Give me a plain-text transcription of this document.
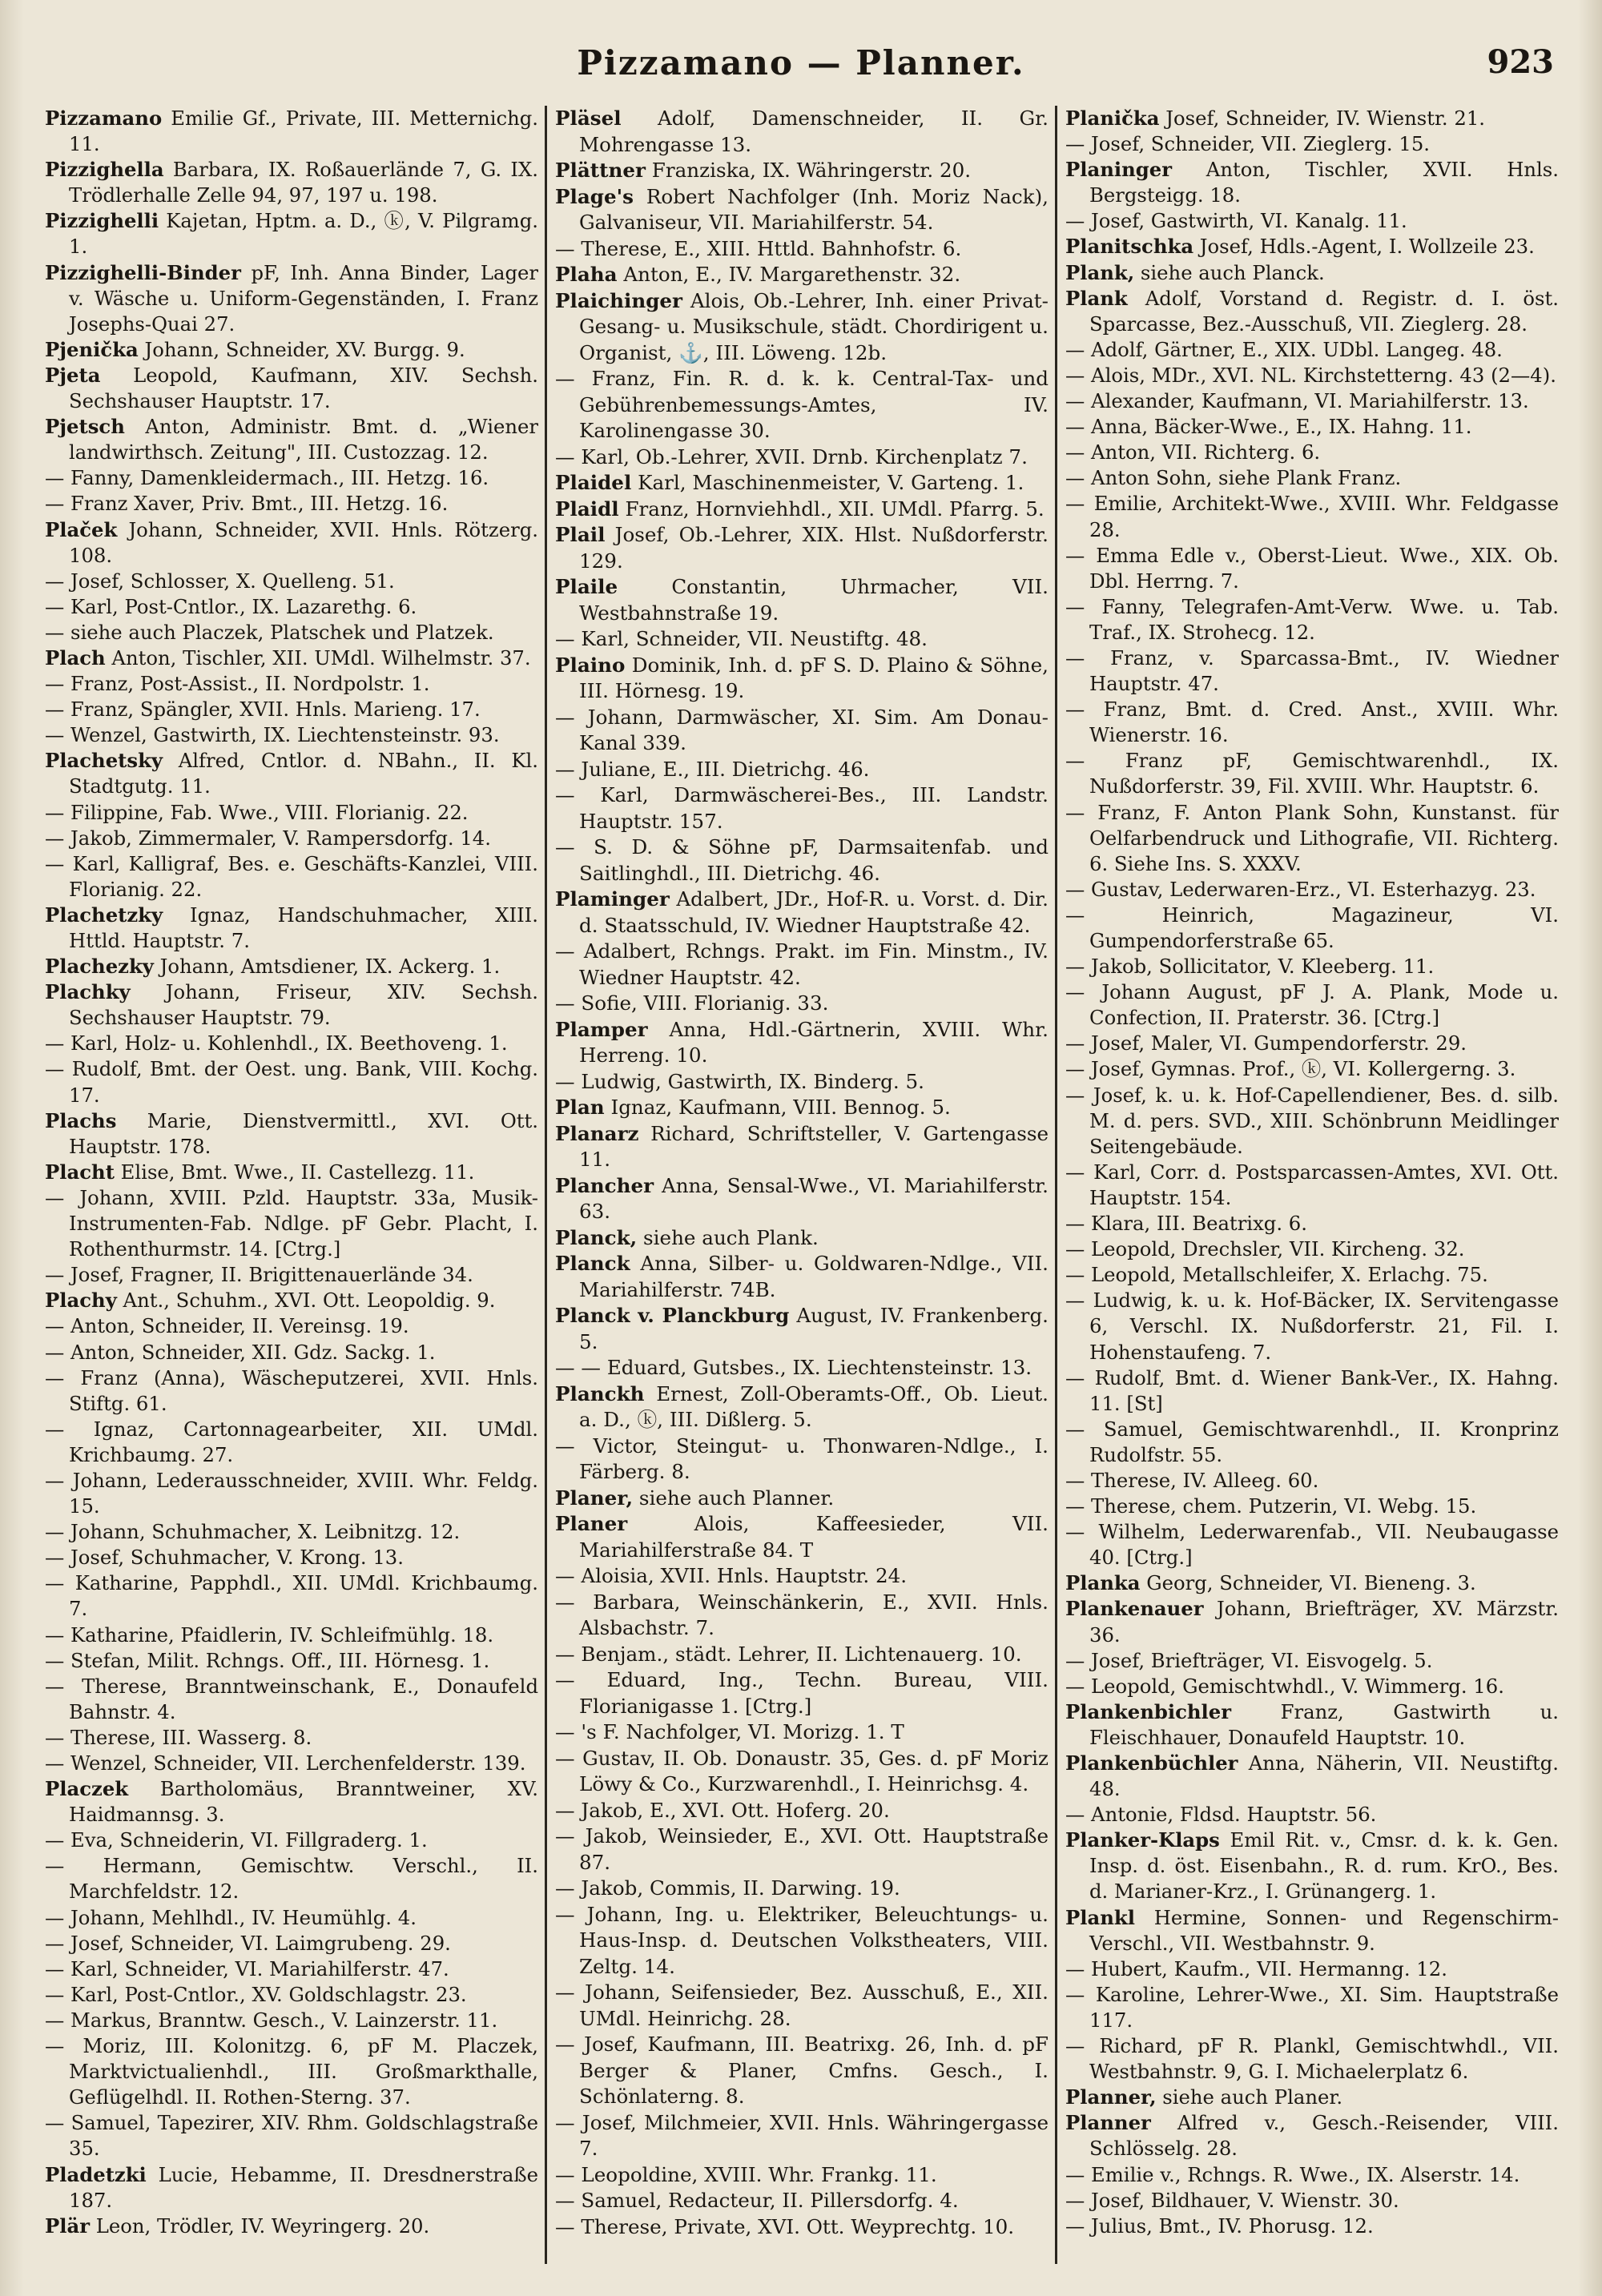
Pizzamano — Planner.	923
Pizzamano Emilie Gf., Private, III. Metternichg. 11.
Pizzighella Barbara, IX. Roßauerlände 7, G. IX. Trödlerhalle Zelle 94, 97, 197 u. 198.
Pizzighelli Kajetan, Hptm. a. D., ⓚ, V. Pilgramg. 1.
Pizzighelli-Binder pF, Inh. Anna Binder, Lager v. Wäsche u. Uniform-Gegenständen, I. Franz Josephs-Quai 27.
Pjenička Johann, Schneider, XV. Burgg. 9.
Pjeta Leopold, Kaufmann, XIV. Sechsh. Sechshauser Hauptstr. 17.
Pjetsch Anton, Administr. Bmt. d. „Wiener landwirthsch. Zeitung", III. Custozzag. 12.
— Fanny, Damenkleidermach., III. Hetzg. 16.
— Franz Xaver, Priv. Bmt., III. Hetzg. 16.
Plaček Johann, Schneider, XVII. Hnls. Rötzerg. 108.
— Josef, Schlosser, X. Quelleng. 51.
— Karl, Post-Cntlor., IX. Lazarethg. 6.
— siehe auch Placzek, Platschek und Platzek.
Plach Anton, Tischler, XII. UMdl. Wilhelmstr. 37.
— Franz, Post-Assist., II. Nordpolstr. 1.
— Franz, Spängler, XVII. Hnls. Marieng. 17.
— Wenzel, Gastwirth, IX. Liechtensteinstr. 93.
Plachetsky Alfred, Cntlor. d. NBahn., II. Kl. Stadtgutg. 11.
— Filippine, Fab. Wwe., VIII. Florianig. 22.
— Jakob, Zimmermaler, V. Rampersdorfg. 14.
— Karl, Kalligraf, Bes. e. Geschäfts-Kanzlei, VIII. Florianig. 22.
Plachetzky Ignaz, Handschuhmacher, XIII. Httld. Hauptstr. 7.
Plachezky Johann, Amtsdiener, IX. Ackerg. 1.
Plachky Johann, Friseur, XIV. Sechsh. Sechshauser Hauptstr. 79.
— Karl, Holz- u. Kohlenhdl., IX. Beethoveng. 1.
— Rudolf, Bmt. der Oest. ung. Bank, VIII. Kochg. 17.
Plachs Marie, Dienstvermittl., XVI. Ott. Hauptstr. 178.
Placht Elise, Bmt. Wwe., II. Castellezg. 11.
— Johann, XVIII. Pzld. Hauptstr. 33a, Musik-Instrumenten-Fab. Ndlge. pF Gebr. Placht, I. Rothenthurmstr. 14. [Ctrg.]
— Josef, Fragner, II. Brigittenauerlände 34.
Plachy Ant., Schuhm., XVI. Ott. Leopoldig. 9.
— Anton, Schneider, II. Vereinsg. 19.
— Anton, Schneider, XII. Gdz. Sackg. 1.
— Franz (Anna), Wäscheputzerei, XVII. Hnls. Stiftg. 61.
— Ignaz, Cartonnagearbeiter, XII. UMdl. Krichbaumg. 27.
— Johann, Lederausschneider, XVIII. Whr. Feldg. 15.
— Johann, Schuhmacher, X. Leibnitzg. 12.
— Josef, Schuhmacher, V. Krong. 13.
— Katharine, Papphdl., XII. UMdl. Krichbaumg. 7.
— Katharine, Pfaidlerin, IV. Schleifmühlg. 18.
— Stefan, Milit. Rchngs. Off., III. Hörnesg. 1.
— Therese, Branntweinschank, E., Donaufeld Bahnstr. 4.
— Therese, III. Wasserg. 8.
— Wenzel, Schneider, VII. Lerchenfelderstr. 139.
Placzek Bartholomäus, Branntweiner, XV. Haidmannsg. 3.
— Eva, Schneiderin, VI. Fillgraderg. 1.
— Hermann, Gemischtw. Verschl., II. Marchfeldstr. 12.
— Johann, Mehlhdl., IV. Heumühlg. 4.
— Josef, Schneider, VI. Laimgrubeng. 29.
— Karl, Schneider, VI. Mariahilferstr. 47.
— Karl, Post-Cntlor., XV. Goldschlagstr. 23.
— Markus, Branntw. Gesch., V. Lainzerstr. 11.
— Moriz, III. Kolonitzg. 6, pF M. Placzek, Marktvictualienhdl., III. Großmarkthalle, Geflügelhdl. II. Rothen-Sterng. 37.
— Samuel, Tapezirer, XIV. Rhm. Goldschlagstraße 35.
Pladetzki Lucie, Hebamme, II. Dresdnerstraße 187.
Plär Leon, Trödler, IV. Weyringerg. 20.
Pläsel Adolf, Damenschneider, II. Gr. Mohrengasse 13.
Plättner Franziska, IX. Währingerstr. 20.
Plage's Robert Nachfolger (Inh. Moriz Nack), Galvaniseur, VII. Mariahilferstr. 54.
— Therese, E., XIII. Httld. Bahnhofstr. 6.
Plaha Anton, E., IV. Margarethenstr. 32.
Plaichinger Alois, Ob.-Lehrer, Inh. einer Privat-Gesang- u. Musikschule, städt. Chordirigent u. Organist, ⚓, III. Löweng. 12b.
— Franz, Fin. R. d. k. k. Central-Tax- und Gebührenbemessungs-Amtes, IV. Karolinengasse 30.
— Karl, Ob.-Lehrer, XVII. Drnb. Kirchenplatz 7.
Plaidel Karl, Maschinenmeister, V. Garteng. 1.
Plaidl Franz, Hornviehhdl., XII. UMdl. Pfarrg. 5.
Plail Josef, Ob.-Lehrer, XIX. Hlst. Nußdorferstr. 129.
Plaile Constantin, Uhrmacher, VII. Westbahnstraße 19.
— Karl, Schneider, VII. Neustiftg. 48.
Plaino Dominik, Inh. d. pF S. D. Plaino & Söhne, III. Hörnesg. 19.
— Johann, Darmwäscher, XI. Sim. Am Donau-Kanal 339.
— Juliane, E., III. Dietrichg. 46.
— Karl, Darmwäscherei-Bes., III. Landstr. Hauptstr. 157.
— S. D. & Söhne pF, Darmsaitenfab. und Saitlinghdl., III. Dietrichg. 46.
Plaminger Adalbert, JDr., Hof-R. u. Vorst. d. Dir. d. Staatsschuld, IV. Wiedner Hauptstraße 42.
— Adalbert, Rchngs. Prakt. im Fin. Minstm., IV. Wiedner Hauptstr. 42.
— Sofie, VIII. Florianig. 33.
Plamper Anna, Hdl.-Gärtnerin, XVIII. Whr. Herreng. 10.
— Ludwig, Gastwirth, IX. Binderg. 5.
Plan Ignaz, Kaufmann, VIII. Bennog. 5.
Planarz Richard, Schriftsteller, V. Gartengasse 11.
Plancher Anna, Sensal-Wwe., VI. Mariahilferstr. 63.
Planck, siehe auch Plank.
Planck Anna, Silber- u. Goldwaren-Ndlge., VII. Mariahilferstr. 74B.
Planck v. Planckburg August, IV. Frankenberg. 5.
— — Eduard, Gutsbes., IX. Liechtensteinstr. 13.
Planckh Ernest, Zoll-Oberamts-Off., Ob. Lieut. a. D., ⓚ, III. Dißlerg. 5.
— Victor, Steingut- u. Thonwaren-Ndlge., I. Färberg. 8.
Planer, siehe auch Planner.
Planer Alois, Kaffeesieder, VII. Mariahilferstraße 84. T
— Aloisia, XVII. Hnls. Hauptstr. 24.
— Barbara, Weinschänkerin, E., XVII. Hnls. Alsbachstr. 7.
— Benjam., städt. Lehrer, II. Lichtenauerg. 10.
— Eduard, Ing., Techn. Bureau, VIII. Florianigasse 1. [Ctrg.]
— 's F. Nachfolger, VI. Morizg. 1. T
— Gustav, II. Ob. Donaustr. 35, Ges. d. pF Moriz Löwy & Co., Kurzwarenhdl., I. Heinrichsg. 4.
— Jakob, E., XVI. Ott. Hoferg. 20.
— Jakob, Weinsieder, E., XVI. Ott. Hauptstraße 87.
— Jakob, Commis, II. Darwing. 19.
— Johann, Ing. u. Elektriker, Beleuchtungs- u. Haus-Insp. d. Deutschen Volkstheaters, VIII. Zeltg. 14.
— Johann, Seifensieder, Bez. Ausschuß, E., XII. UMdl. Heinrichg. 28.
— Josef, Kaufmann, III. Beatrixg. 26, Inh. d. pF Berger & Planer, Cmfns. Gesch., I. Schönlaterng. 8.
— Josef, Milchmeier, XVII. Hnls. Währingergasse 7.
— Leopoldine, XVIII. Whr. Frankg. 11.
— Samuel, Redacteur, II. Pillersdorfg. 4.
— Therese, Private, XVI. Ott. Weyprechtg. 10.
Planička Josef, Schneider, IV. Wienstr. 21.
— Josef, Schneider, VII. Zieglerg. 15.
Planinger Anton, Tischler, XVII. Hnls. Bergsteigg. 18.
— Josef, Gastwirth, VI. Kanalg. 11.
Planitschka Josef, Hdls.-Agent, I. Wollzeile 23.
Plank, siehe auch Planck.
Plank Adolf, Vorstand d. Registr. d. I. öst. Sparcasse, Bez.-Ausschuß, VII. Zieglerg. 28.
— Adolf, Gärtner, E., XIX. UDbl. Langeg. 48.
— Alois, MDr., XVI. NL. Kirchstetterng. 43 (2—4).
— Alexander, Kaufmann, VI. Mariahilferstr. 13.
— Anna, Bäcker-Wwe., E., IX. Hahng. 11.
— Anton, VII. Richterg. 6.
— Anton Sohn, siehe Plank Franz.
— Emilie, Architekt-Wwe., XVIII. Whr. Feldgasse 28.
— Emma Edle v., Oberst-Lieut. Wwe., XIX. Ob. Dbl. Herrng. 7.
— Fanny, Telegrafen-Amt-Verw. Wwe. u. Tab. Traf., IX. Strohecg. 12.
— Franz, v. Sparcassa-Bmt., IV. Wiedner Hauptstr. 47.
— Franz, Bmt. d. Cred. Anst., XVIII. Whr. Wienerstr. 16.
— Franz pF, Gemischtwarenhdl., IX. Nußdorferstr. 39, Fil. XVIII. Whr. Hauptstr. 6.
— Franz, F. Anton Plank Sohn, Kunstanst. für Oelfarbendruck und Lithografie, VII. Richterg. 6. Siehe Ins. S. XXXV.
— Gustav, Lederwaren-Erz., VI. Esterhazyg. 23.
— Heinrich, Magazineur, VI. Gumpendorferstraße 65.
— Jakob, Sollicitator, V. Kleeberg. 11.
— Johann August, pF J. A. Plank, Mode u. Confection, II. Praterstr. 36. [Ctrg.]
— Josef, Maler, VI. Gumpendorferstr. 29.
— Josef, Gymnas. Prof., ⓚ, VI. Kollergerng. 3.
— Josef, k. u. k. Hof-Capellendiener, Bes. d. silb. M. d. pers. SVD., XIII. Schönbrunn Meidlinger Seitengebäude.
— Karl, Corr. d. Postsparcassen-Amtes, XVI. Ott. Hauptstr. 154.
— Klara, III. Beatrixg. 6.
— Leopold, Drechsler, VII. Kircheng. 32.
— Leopold, Metallschleifer, X. Erlachg. 75.
— Ludwig, k. u. k. Hof-Bäcker, IX. Servitengasse 6, Verschl. IX. Nußdorferstr. 21, Fil. I. Hohenstaufeng. 7.
— Rudolf, Bmt. d. Wiener Bank-Ver., IX. Hahng. 11. [St]
— Samuel, Gemischtwarenhdl., II. Kronprinz Rudolfstr. 55.
— Therese, IV. Alleeg. 60.
— Therese, chem. Putzerin, VI. Webg. 15.
— Wilhelm, Lederwarenfab., VII. Neubaugasse 40. [Ctrg.]
Planka Georg, Schneider, VI. Bieneng. 3.
Plankenauer Johann, Briefträger, XV. Märzstr. 36.
— Josef, Briefträger, VI. Eisvogelg. 5.
— Leopold, Gemischtwhdl., V. Wimmerg. 16.
Plankenbichler Franz, Gastwirth u. Fleischhauer, Donaufeld Hauptstr. 10.
Plankenbüchler Anna, Näherin, VII. Neustiftg. 48.
— Antonie, Fldsd. Hauptstr. 56.
Planker-Klaps Emil Rit. v., Cmsr. d. k. k. Gen. Insp. d. öst. Eisenbahn., R. d. rum. KrO., Bes. d. Marianer-Krz., I. Grünangerg. 1.
Plankl Hermine, Sonnen- und Regenschirm-Verschl., VII. Westbahnstr. 9.
— Hubert, Kaufm., VII. Hermanng. 12.
— Karoline, Lehrer-Wwe., XI. Sim. Hauptstraße 117.
— Richard, pF R. Plankl, Gemischtwhdl., VII. Westbahnstr. 9, G. I. Michaelerplatz 6.
Planner, siehe auch Planer.
Planner Alfred v., Gesch.-Reisender, VIII. Schlösselg. 28.
— Emilie v., Rchngs. R. Wwe., IX. Alserstr. 14.
— Josef, Bildhauer, V. Wienstr. 30.
— Julius, Bmt., IV. Phorusg. 12.
